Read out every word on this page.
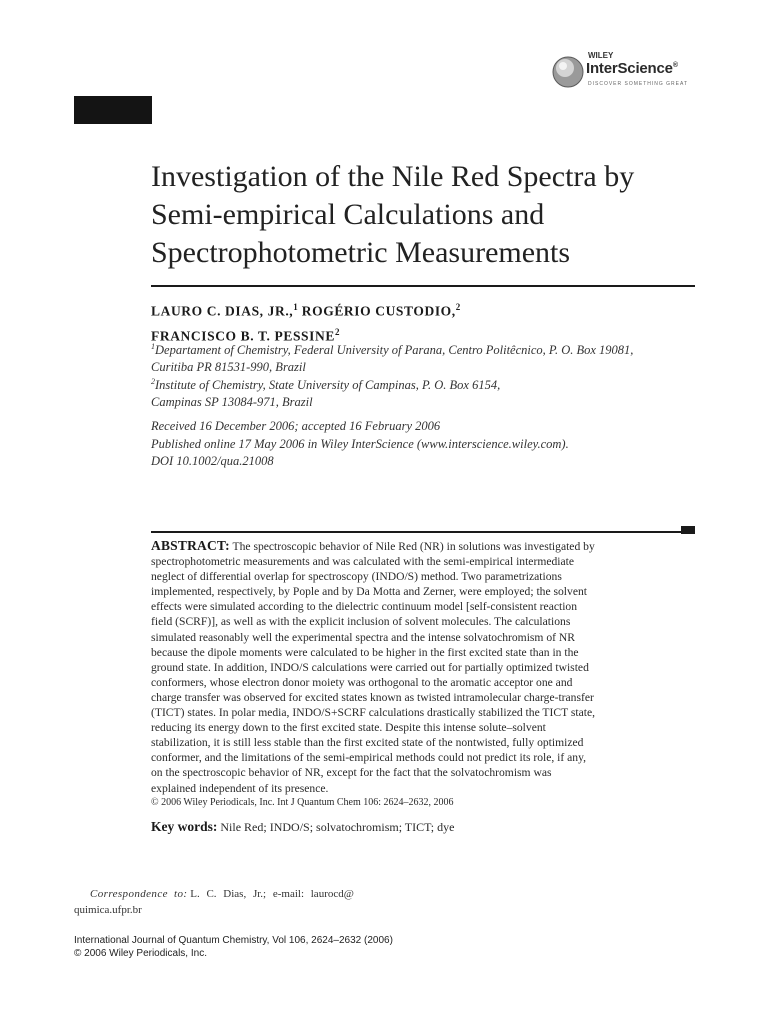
WILEY
InterScience®
DISCOVER SOMETHING GREAT
Investigation of the Nile Red Spectra by Semi-empirical Calculations and Spectrophotometric Measurements
LAURO C. DIAS, JR.,$^1$ ROGÉRIO CUSTODIO,$^2$
FRANCISCO B. T. PESSINE$^2$
$^1$Departament of Chemistry, Federal University of Parana, Centro Politêcnico, P. O. Box 19081,
Curitiba PR 81531-990, Brazil
$^2$Institute of Chemistry, State University of Campinas, P. O. Box 6154,
Campinas SP 13084-971, Brazil
Received 16 December 2006; accepted 16 February 2006
Published online 17 May 2006 in Wiley InterScience (www.interscience.wiley.com).
DOI 10.1002/qua.21008
ABSTRACT: The spectroscopic behavior of Nile Red (NR) in solutions was investigated by spectrophotometric measurements and was calculated with the semi-empirical intermediate neglect of differential overlap for spectroscopy (INDO/S) method. Two parametrizations implemented, respectively, by Pople and by Da Motta and Zerner, were employed; the solvent effects were simulated according to the dielectric continuum model [self-consistent reaction field (SCRF)], as well as with the explicit inclusion of solvent molecules. The calculations simulated reasonably well the experimental spectra and the intense solvatochromism of NR because the dipole moments were calculated to be higher in the first excited state than in the ground state. In addition, INDO/S calculations were carried out for partially optimized twisted conformers, whose electron donor moiety was orthogonal to the aromatic acceptor one and charge transfer was observed for excited states known as twisted intramolecular charge-transfer (TICT) states. In polar media, INDO/S+SCRF calculations drastically stabilized the TICT state, reducing its energy down to the first excited state. Despite this intense solute–solvent stabilization, it is still less stable than the first excited state of the nontwisted, fully optimized conformer, and the limitations of the semi-empirical methods could not predict its role, if any, on the spectroscopic behavior of NR, except for the fact that the solvatochromism was explained independent of its presence.
© 2006 Wiley Periodicals, Inc. Int J Quantum Chem 106: 2624–2632, 2006
Key words: Nile Red; INDO/S; solvatochromism; TICT; dye
Correspondence to: L. C. Dias, Jr.; e-mail: laurocd@
quimica.ufpr.br
International Journal of Quantum Chemistry, Vol 106, 2624–2632 (2006)
© 2006 Wiley Periodicals, Inc.
